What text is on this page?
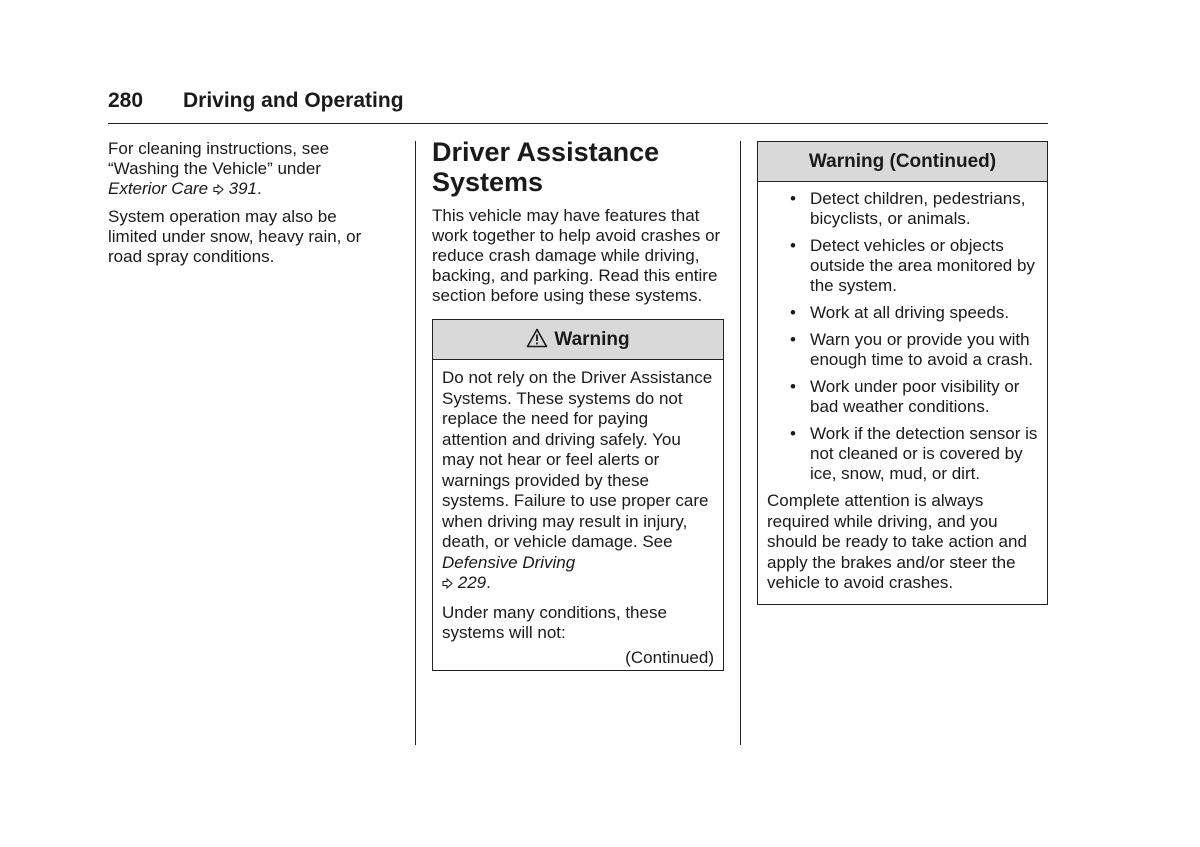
280 Driving and Operating

For cleaning instructions, see “Washing the Vehicle” under
Exterior Care 391.

System operation may also be limited under snow, heavy rain, or road spray conditions.

Driver Assistance Systems

This vehicle may have features that work together to help avoid crashes or reduce crash damage while driving, backing, and parking. Read this entire section before using these systems.

Warning

Do not rely on the Driver Assistance Systems. These systems do not replace the need for paying attention and driving safely. You may not hear or feel alerts or warnings provided by these systems. Failure to use proper care when driving may result in injury, death, or vehicle damage. See Defensive Driving
229.

Under many conditions, these systems will not:

(Continued)

Warning (Continued)
• Detect children, pedestrians, bicyclists, or animals.
• Detect vehicles or objects outside the area monitored by the system.
• Work at all driving speeds.
• Warn you or provide you with enough time to avoid a crash.
• Work under poor visibility or bad weather conditions.
• Work if the detection sensor is not cleaned or is covered by ice, snow, mud, or dirt.

Complete attention is always required while driving, and you should be ready to take action and apply the brakes and/or steer the vehicle to avoid crashes.
